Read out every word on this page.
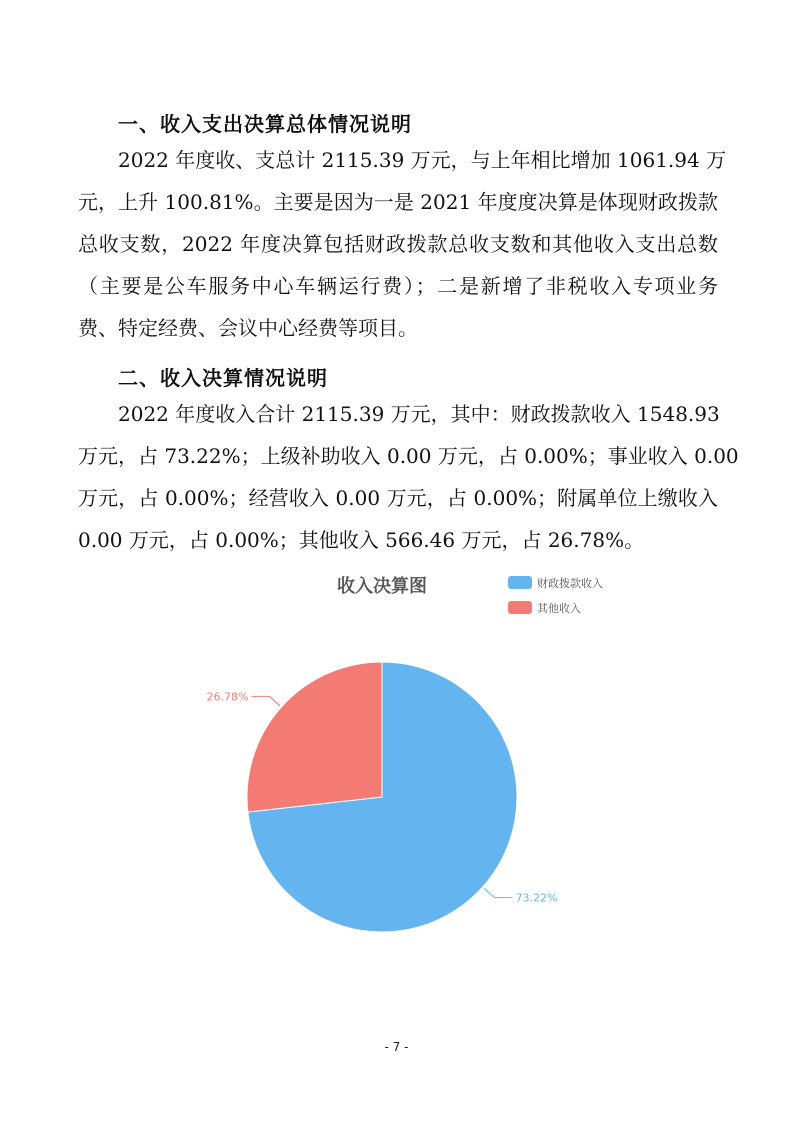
一、收入支出决算总体情况说明
2022 年度收、支总计 2115.39 万元，与上年相比增加 1061.94 万
元，上升 100.81%。主要是因为一是 2021 年度度决算是体现财政拨款
总收支数，2022 年度决算包括财政拨款总收支数和其他收入支出总数
（主要是公车服务中心车辆运行费）；二是新增了非税收入专项业务
费、特定经费、会议中心经费等项目。
二、收入决算情况说明
2022 年度收入合计 2115.39 万元，其中：财政拨款收入 1548.93
万元，占 73.22%；上级补助收入 0.00 万元，占 0.00%；事业收入 0.00
万元，占 0.00%；经营收入 0.00 万元，占 0.00%；附属单位上缴收入
0.00 万元，占 0.00%；其他收入 566.46 万元，占 26.78%。
收入决算图	财政拨款收入
其他收入
73.22%
26.78%
- 7 -
